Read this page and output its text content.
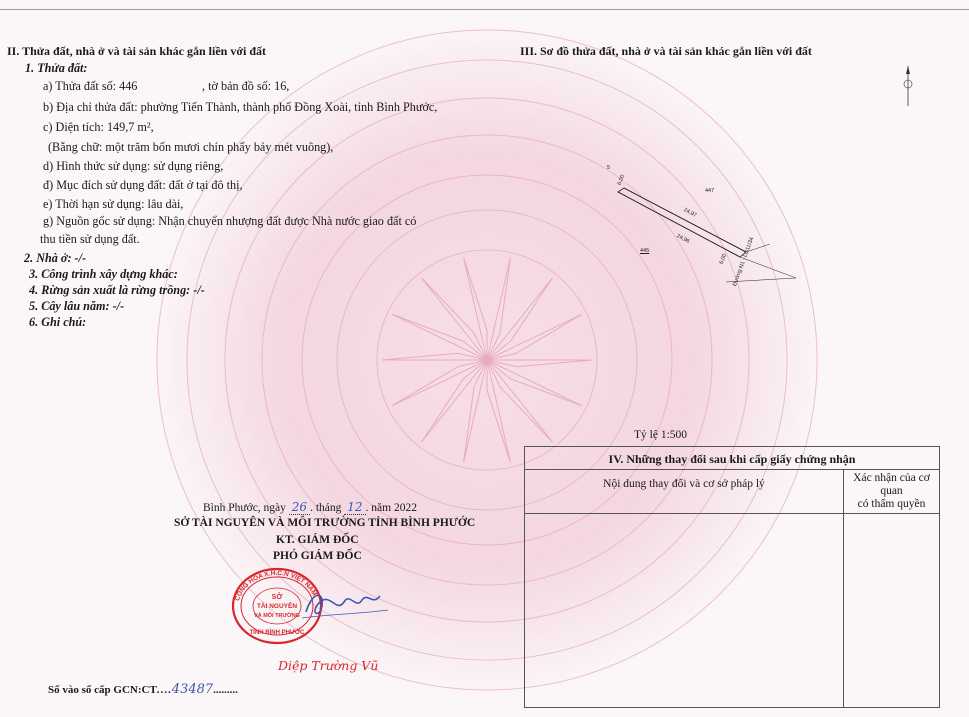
II. Thửa đất, nhà ở và tài sản khác gắn liền với đất
1. Thửa đất:
a) Thửa đất số: 446	, tờ bản đồ số: 16,
b) Địa chỉ thửa đất: phường Tiến Thành, thành phố Đồng Xoài, tỉnh Bình Phước,
c) Diện tích: 149,7 m²,
(Bằng chữ: một trăm bốn mươi chín phẩy bảy mét vuông),
d) Hình thức sử dụng: sử dụng riêng,
đ) Mục đích sử dụng đất: đất ở tại đô thị,
e) Thời hạn sử dụng: lâu dài,
g) Nguồn gốc sử dụng: Nhận chuyển nhượng đất được Nhà nước giao đất có
thu tiền sử dụng đất.
2. Nhà ở: -/-
3. Công trình xây dựng khác:
4. Rừng sản xuất là rừng trồng: -/-
5. Cây lâu năm: -/-
6. Ghi chú:
III. Sơ đồ thửa đất, nhà ở và tài sản khác gắn liền với đất
5
6,00
447
24,97
24,96
445
6,00 Đường N1 - LG11/34
Tỷ lệ 1:500
IV. Những thay đổi sau khi cấp giấy chứng nhận	
Nội dung thay đổi và cơ sở pháp lý	Xác nhận của cơ quan
có thẩm quyền

Bình Phước, ngày 26 . tháng 12 . năm 2022
SỞ TÀI NGUYÊN VÀ MÔI TRƯỜNG TỈNH BÌNH PHƯỚC
KT. GIÁM ĐỐC
PHÓ GIÁM ĐỐC
CỘNG HÒA X.H.C.N VIỆT NAM
SỞ
TÀI NGUYÊN
VÀ MÔI TRƯỜNG
TỈNH BÌNH PHƯỚC
Diệp Trường Vũ
Số vào sổ cấp GCN:CT....43487.........
